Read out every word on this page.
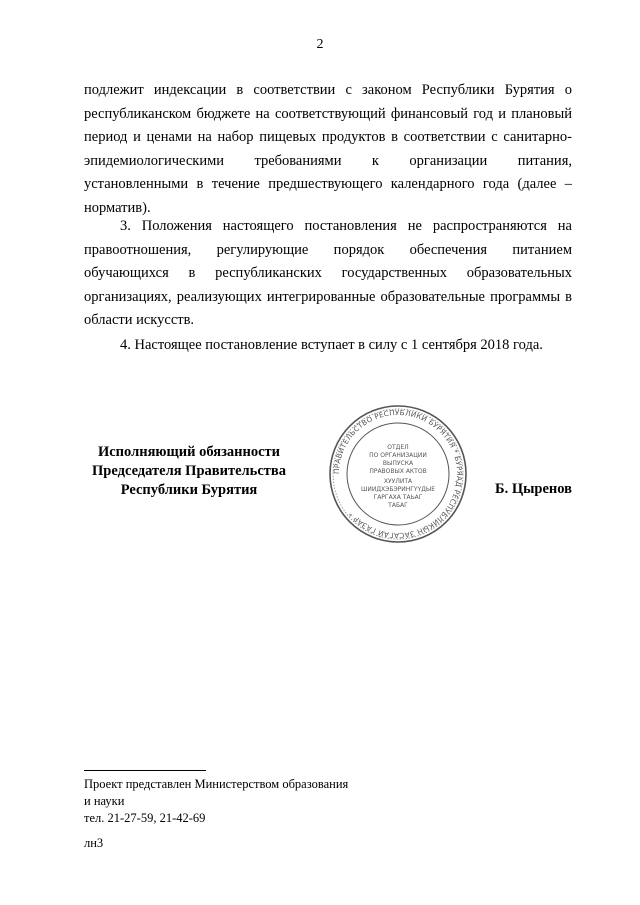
2

подлежит индексации в соответствии с законом Республики Бурятия о республиканском бюджете на соответствующий финансовый год и плановый период и ценами на набор пищевых продуктов в соответствии с санитарно-эпидемиологическими требованиями к организации питания, установленными в течение предшествующего календарного года (далее – норматив).

3. Положения настоящего постановления не распространяются на правоотношения, регулирующие порядок обеспечения питанием обучающихся в республиканских государственных образовательных организациях, реализующих интегрированные образовательные программы в области искусств.

4. Настоящее постановление вступает в силу с 1 сентября 2018 года.

Исполняющий обязанности
Председателя Правительства
Республики Бурятия
ПРАВИТЕЛЬСТВО РЕСПУБЛИКИ БУРЯТИЯ * БУРЯАД РЕСПУБЛИКЫН ЗАСАГАЙ ГАЗАР *
ОТДЕЛ
ПО ОРГАНИЗАЦИИ
ВЫПУСКА
ПРАВОВЫХ АКТОВ
ХУУЛИТА
ШИИДХЭБЭРИНГҮҮДЫЕ
ГАРГАХА ТАЬАГ
ТАБАГ
Б. Цыренов
Проект представлен Министерством образования
и науки
тел. 21-27-59, 21-42-69
лн3
